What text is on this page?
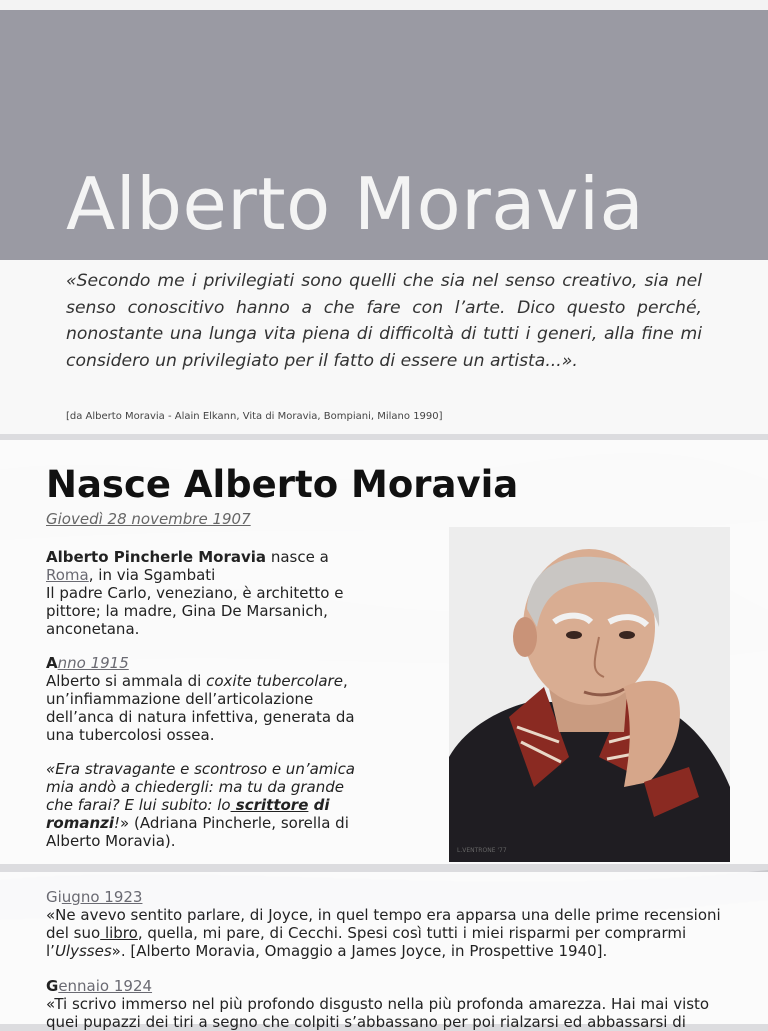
Alberto Moravia

«Secondo me i privilegiati sono quelli che sia nel senso creativo, sia nel senso conoscitivo hanno a che fare con l’arte. Dico questo perché, nonostante una lunga vita piena di difficoltà di tutti i generi, alla fine mi considero un privilegiato per il fatto di essere un artista...».

[da Alberto Moravia - Alain Elkann, Vita di Moravia, Bompiani, Milano 1990]

Nasce Alberto Moravia
Giovedì 28 novembre 1907

Alberto Pincherle Moravia nasce a
Roma, in via Sgambati
Il padre Carlo, veneziano, è architetto e pittore; la madre, Gina De Marsanich, anconetana.

Anno 1915
Alberto si ammala di coxite tubercolare, un’infiammazione dell’articolazione dell’anca di natura infettiva, generata da una tubercolosi ossea.

«Era stravagante e scontroso e un’amica mia andò a chiedergli: ma tu da grande che farai? E lui subito: lo scrittore di romanzi!» (Adriana Pincherle, sorella di Alberto Moravia).

L.VENTRONE '77
Giugno 1923
«Ne avevo sentito parlare, di Joyce, in quel tempo era apparsa una delle prime recensioni del suo libro, quella, mi pare, di Cecchi. Spesi così tutti i miei risparmi per comprarmi l’Ulysses». [Alberto Moravia, Omaggio a James Joyce, in Prospettive 1940].
Gennaio 1924
«Ti scrivo immerso nel più profondo disgusto nella più profonda amarezza. Hai mai visto quei pupazzi dei tiri a segno che colpiti s’abbassano per poi rialzarsi ed abbassarsi di
